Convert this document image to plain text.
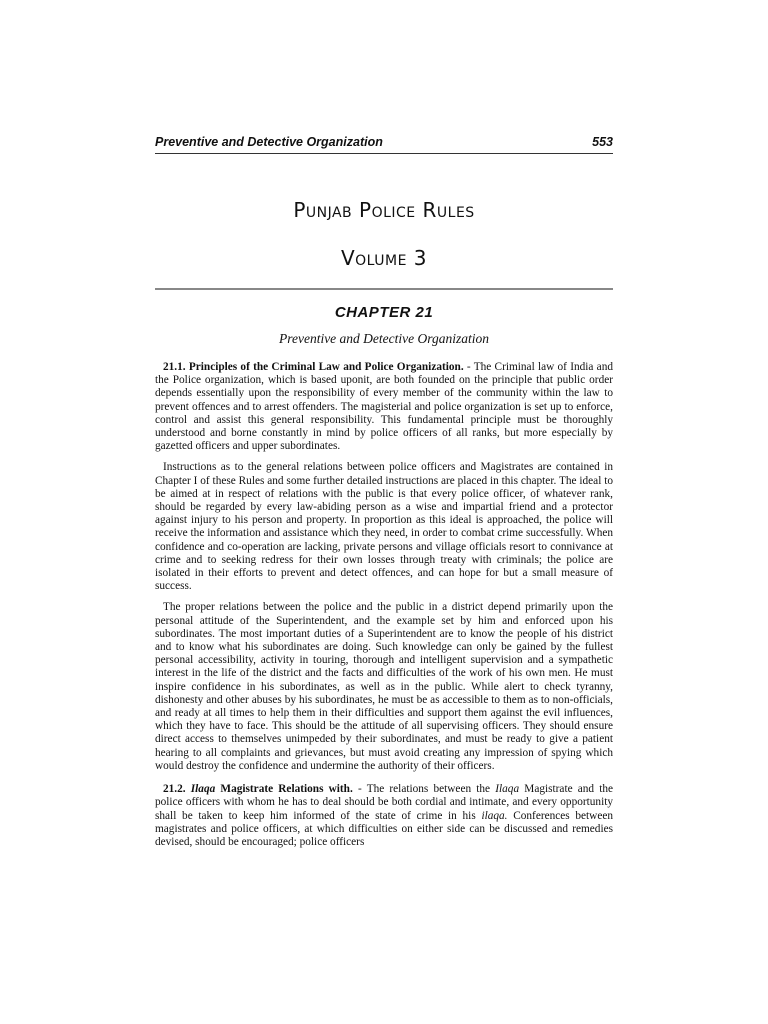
Preventive and Detective Organization	553
Punjab Police Rules
Volume 3
CHAPTER 21
Preventive and Detective Organization

21.1. Principles of the Criminal Law and Police Organization. - The Criminal law of India and the Police organization, which is based uponit, are both founded on the principle that public order depends essentially upon the responsibility of every member of the community within the law to prevent offences and to arrest offenders. The magisterial and police organization is set up to enforce, control and assist this general responsibility. This fundamental principle must be thoroughly understood and borne constantly in mind by police officers of all ranks, but more especially by gazetted officers and upper subordinates.

Instructions as to the general relations between police officers and Magistrates are contained in Chapter I of these Rules and some further detailed instructions are placed in this chapter. The ideal to be aimed at in respect of relations with the public is that every police officer, of whatever rank, should be regarded by every law-abiding person as a wise and impartial friend and a protector against injury to his person and property. In proportion as this ideal is approached, the police will receive the information and assistance which they need, in order to combat crime successfully. When confidence and co-operation are lacking, private persons and village officials resort to connivance at crime and to seeking redress for their own losses through treaty with criminals; the police are isolated in their efforts to prevent and detect offences, and can hope for but a small measure of success.

The proper relations between the police and the public in a district depend primarily upon the personal attitude of the Superintendent, and the example set by him and enforced upon his subordinates. The most important duties of a Superintendent are to know the people of his district and to know what his subordinates are doing. Such knowledge can only be gained by the fullest personal accessibility, activity in touring, thorough and intelligent supervision and a sympathetic interest in the life of the district and the facts and difficulties of the work of his own men. He must inspire confidence in his subordinates, as well as in the public. While alert to check tyranny, dishonesty and other abuses by his subordinates, he must be as accessible to them as to non-officials, and ready at all times to help them in their difficulties and support them against the evil influences, which they have to face. This should be the attitude of all supervising officers. They should ensure direct access to themselves unimpeded by their subordinates, and must be ready to give a patient hearing to all complaints and grievances, but must avoid creating any impression of spying which would destroy the confidence and undermine the authority of their officers.

21.2. Ilaqa Magistrate Relations with. - The relations between the Ilaqa Magistrate and the police officers with whom he has to deal should be both cordial and intimate, and every opportunity shall be taken to keep him informed of the state of crime in his ilaqa. Conferences between magistrates and police officers, at which difficulties on either side can be discussed and remedies devised, should be encouraged; police officers
